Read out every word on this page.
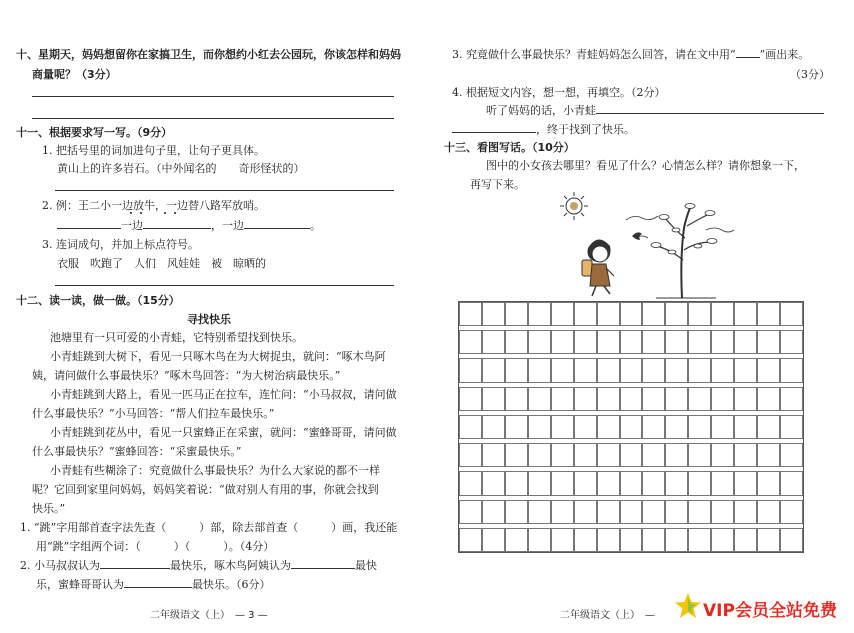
十、星期天，妈妈想留你在家搞卫生，而你想约小红去公园玩，你该怎样和妈妈
商量呢？（3分）
十一、根据要求写一写。（9分）
1. 把括号里的词加进句子里，让句子更具体。
黄山上的许多岩石。（中外闻名的　　奇形怪状的）
2. 例：王二小一边放牛，一边替八路军放哨。
一边	，一边	。
3. 连词成句，并加上标点符号。
衣服　吹跑了　人们　风娃娃　被　晾晒的
十二、读一读，做一做。（15分）
寻找快乐
池塘里有一只可爱的小青蛙，它特别希望找到快乐。
小青蛙跳到大树下，看见一只啄木鸟在为大树捉虫，就问：“啄木鸟阿
姨，请问做什么事最快乐？”啄木鸟回答：“为大树治病最快乐。”
小青蛙跳到大路上，看见一匹马正在拉车，连忙问：“小马叔叔，请问做
什么事最快乐？”小马回答：“帮人们拉车最快乐。”
小青蛙跳到花丛中，看见一只蜜蜂正在采蜜，就问：“蜜蜂哥哥，请问做
什么事最快乐？”蜜蜂回答：“采蜜最快乐。”
小青蛙有些糊涂了：究竟做什么事最快乐？为什么大家说的都不一样
呢？它回到家里问妈妈，妈妈笑着说：“做对别人有用的事，你就会找到
快乐。”
1. “跳”字用部首查字法先查（　　　）部，除去部首查（　　　）画，我还能
用“跳”字组两个词：（　　　）（　　　）。（4分）
2. 小马叔叔认为	最快乐，啄木鸟阿姨认为	最快
乐，蜜蜂哥哥认为	最快乐。（6分）
二年级语文（上）　— 3 —
3. 究竟做什么事最快乐？青蛙妈妈怎么回答，请在文中用“ ”画出来。
（3分）
4. 根据短文内容，想一想，再填空。（2分）
听了妈妈的话，小青蛙
，终于找到了快乐。
十三、看图写话。（10分）
图中的小女孩去哪里？看见了什么？心情怎么样？请你想象一下，
再写下来。
二年级语文（上）　—	VIP会员全站免费
